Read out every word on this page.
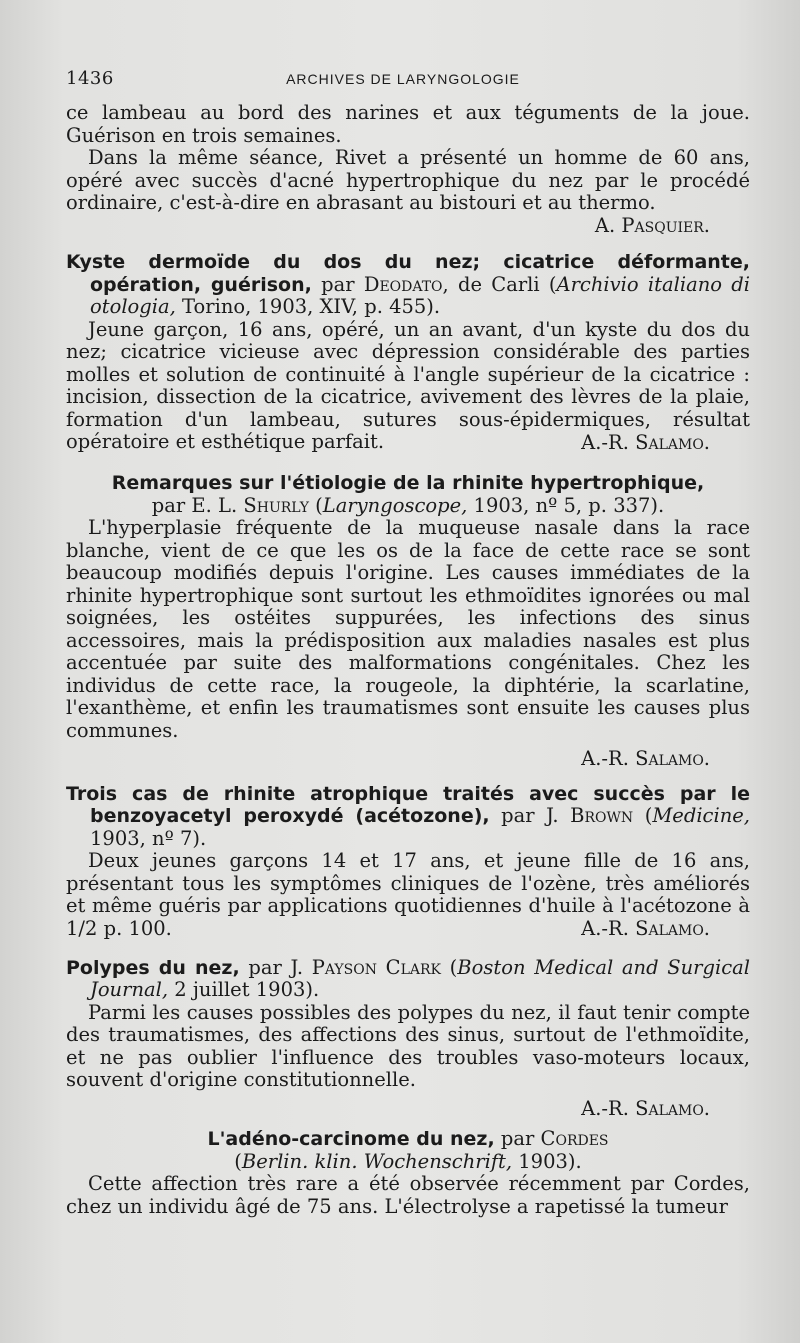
1436	ARCHIVES DE LARYNGOLOGIE

ce lambeau au bord des narines et aux téguments de la joue. Guérison en trois semaines.

Dans la même séance, Rivet a présenté un homme de 60 ans, opéré avec succès d'acné hypertrophique du nez par le procédé ordinaire, c'est-à-dire en abrasant au bistouri et au thermo.

A. Pasquier.

Kyste dermoïde du dos du nez; cicatrice déformante, opération, guérison, par Deodato, de Carli (Archivio italiano di otologia, Torino, 1903, XIV, p. 455).

Jeune garçon, 16 ans, opéré, un an avant, d'un kyste du dos du nez; cicatrice vicieuse avec dépression considérable des parties molles et solution de continuité à l'angle supérieur de la cicatrice : incision, dissection de la cicatrice, avivement des lèvres de la plaie, formation d'un lambeau, sutures sous-épidermiques, résultat opératoire et esthétique parfait.	A.-R. Salamo.

Remarques sur l'étiologie de la rhinite hypertrophique,
par E. L. Shurly (Laryngoscope, 1903, nº 5, p. 337).

L'hyperplasie fréquente de la muqueuse nasale dans la race blanche, vient de ce que les os de la face de cette race se sont beaucoup modifiés depuis l'origine. Les causes immédiates de la rhinite hypertrophique sont surtout les ethmoïdites ignorées ou mal soignées, les ostéites suppurées, les infections des sinus accessoires, mais la prédisposition aux maladies nasales est plus accentuée par suite des malformations congénitales. Chez les individus de cette race, la rougeole, la diphtérie, la scarlatine, l'exanthème, et enfin les traumatismes sont ensuite les causes plus communes.

A.-R. Salamo.

Trois cas de rhinite atrophique traités avec succès par le benzoyacetyl peroxydé (acétozone), par J. Brown (Medicine, 1903, nº 7).

Deux jeunes garçons 14 et 17 ans, et jeune fille de 16 ans, présentant tous les symptômes cliniques de l'ozène, très améliorés et même guéris par applications quotidiennes d'huile à l'acétozone à 1/2 p. 100.	A.-R. Salamo.

Polypes du nez, par J. Payson Clark (Boston Medical and Surgical Journal, 2 juillet 1903).

Parmi les causes possibles des polypes du nez, il faut tenir compte des traumatismes, des affections des sinus, surtout de l'ethmoïdite, et ne pas oublier l'influence des troubles vaso-moteurs locaux, souvent d'origine constitutionnelle.

A.-R. Salamo.

L'adéno-carcinome du nez, par Cordes
(Berlin. klin. Wochenschrift, 1903).

Cette affection très rare a été observée récemment par Cordes, chez un individu âgé de 75 ans. L'électrolyse a rapetissé la tumeur
